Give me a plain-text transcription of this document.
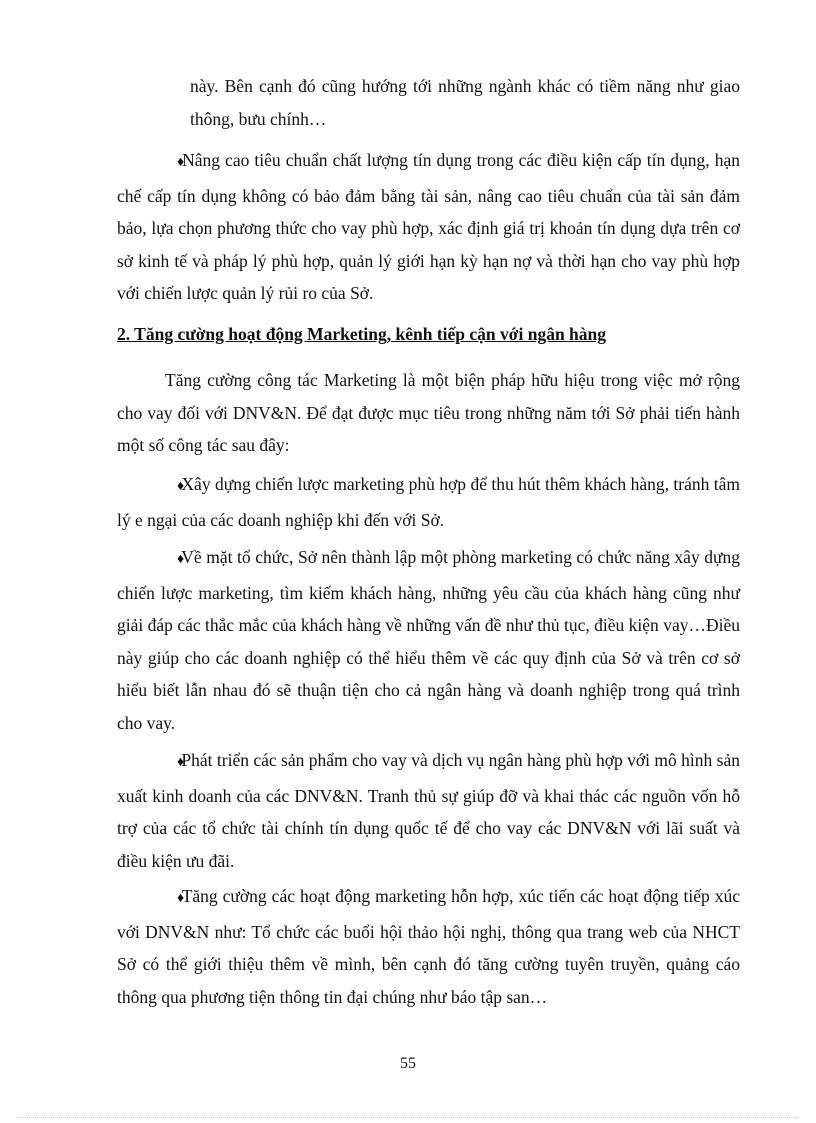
này. Bên cạnh đó cũng hướng tới những ngành khác có tiềm năng như giao thông, bưu chính…
♦ Nâng cao tiêu chuẩn chất lượng tín dụng trong các điều kiện cấp tín dụng, hạn chế cấp tín dụng không có bảo đảm bằng tài sản, nâng cao tiêu chuẩn của tài sản đảm bảo, lựa chọn phương thức cho vay phù hợp, xác định giá trị khoản tín dụng dựa trên cơ sở kinh tế và pháp lý phù hợp, quản lý giới hạn kỳ hạn nợ và thời hạn cho vay phù hợp với chiến lược quản lý rủi ro của Sở.
2. Tăng cường hoạt động Marketing, kênh tiếp cận với ngân hàng
Tăng cường công tác Marketing là một biện pháp hữu hiệu trong việc mở rộng cho vay đối với DNV&N. Để đạt được mục tiêu trong những năm tới Sở phải tiến hành một số công tác sau đây:
♦ Xây dựng chiến lược marketing phù hợp để thu hút thêm khách hàng, tránh tâm lý e ngại của các doanh nghiệp khi đến với Sở.
♦ Về mặt tổ chức, Sở nên thành lập một phòng marketing có chức năng xây dựng chiến lược marketing, tìm kiếm khách hàng, những yêu cầu của khách hàng cũng như giải đáp các thắc mắc của khách hàng về những vấn đề như thủ tục, điều kiện vay…Điều này giúp cho các doanh nghiệp có thể hiểu thêm về các quy định của Sở và trên cơ sở hiểu biết lẫn nhau đó sẽ thuận tiện cho cả ngân hàng và doanh nghiệp trong quá trình cho vay.
♦ Phát triển các sản phẩm cho vay và dịch vụ ngân hàng phù hợp với mô hình sản xuất kinh doanh của các DNV&N. Tranh thủ sự giúp đỡ và khai thác các nguồn vốn hỗ trợ của các tổ chức tài chính tín dụng quốc tế để cho vay các DNV&N với lãi suất và điều kiện ưu đãi.
♦ Tăng cường các hoạt động marketing hỗn hợp, xúc tiến các hoạt động tiếp xúc với DNV&N như: Tổ chức các buổi hội thảo hội nghị, thông qua trang web của NHCT Sở có thể giới thiệu thêm về mình, bên cạnh đó tăng cường tuyên truyền, quảng cáo thông qua phương tiện thông tin đại chúng như báo tập san…
55
